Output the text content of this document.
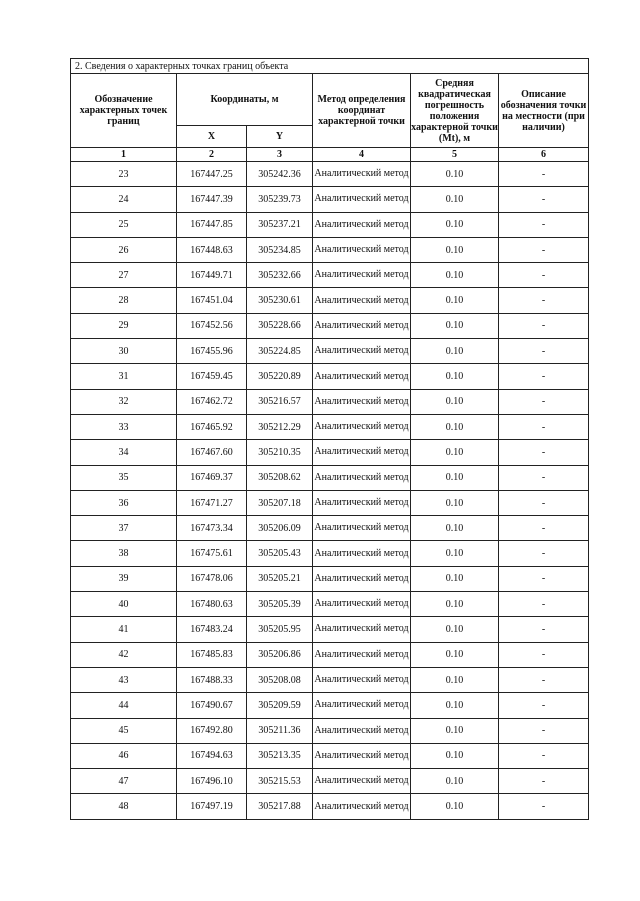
2. Сведения о характерных точках границ объекта					
Обозначение характерных точек границ	Координаты, м		Метод определения координат характерной точки	Средняя квадратическая погрешность положения характерной точки (Mt), м	Описание обозначения точки на местности (при наличии)
	X	Y			
1	2	3	4	5	6
23	167447.25	305242.36	Аналитический метод	0.10	-
24	167447.39	305239.73	Аналитический метод	0.10	-
25	167447.85	305237.21	Аналитический метод	0.10	-
26	167448.63	305234.85	Аналитический метод	0.10	-
27	167449.71	305232.66	Аналитический метод	0.10	-
28	167451.04	305230.61	Аналитический метод	0.10	-
29	167452.56	305228.66	Аналитический метод	0.10	-
30	167455.96	305224.85	Аналитический метод	0.10	-
31	167459.45	305220.89	Аналитический метод	0.10	-
32	167462.72	305216.57	Аналитический метод	0.10	-
33	167465.92	305212.29	Аналитический метод	0.10	-
34	167467.60	305210.35	Аналитический метод	0.10	-
35	167469.37	305208.62	Аналитический метод	0.10	-
36	167471.27	305207.18	Аналитический метод	0.10	-
37	167473.34	305206.09	Аналитический метод	0.10	-
38	167475.61	305205.43	Аналитический метод	0.10	-
39	167478.06	305205.21	Аналитический метод	0.10	-
40	167480.63	305205.39	Аналитический метод	0.10	-
41	167483.24	305205.95	Аналитический метод	0.10	-
42	167485.83	305206.86	Аналитический метод	0.10	-
43	167488.33	305208.08	Аналитический метод	0.10	-
44	167490.67	305209.59	Аналитический метод	0.10	-
45	167492.80	305211.36	Аналитический метод	0.10	-
46	167494.63	305213.35	Аналитический метод	0.10	-
47	167496.10	305215.53	Аналитический метод	0.10	-
48	167497.19	305217.88	Аналитический метод	0.10	-
